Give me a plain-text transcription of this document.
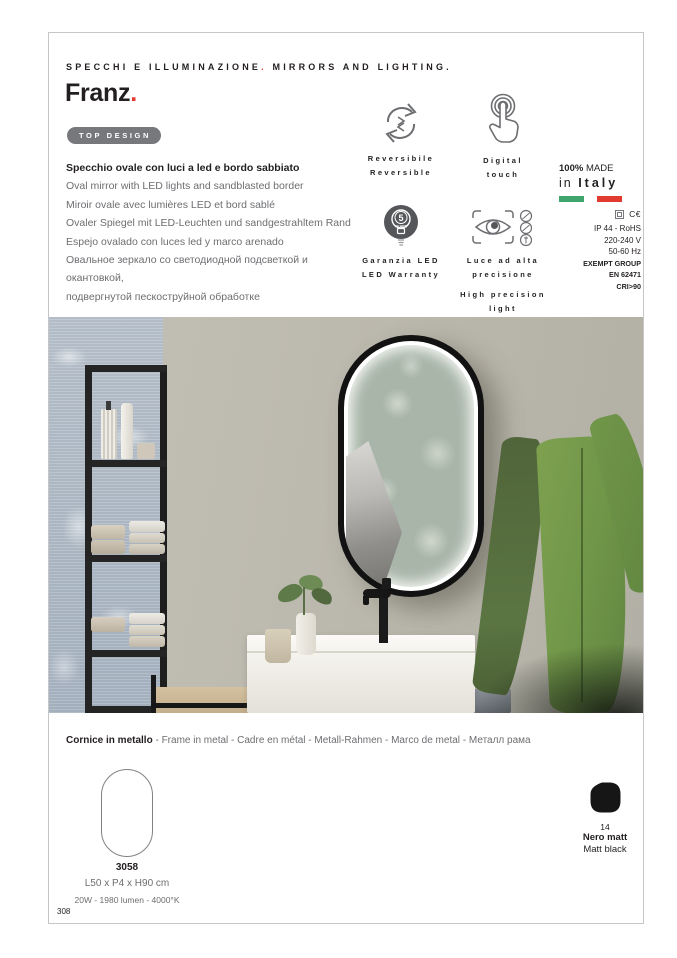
SPECCHI E ILLUMINAZIONE. MIRRORS AND LIGHTING.
Franz.
TOP DESIGN
Specchio ovale con luci a led e bordo sabbiato
Oval mirror with LED lights and sandblasted border
Miroir ovale avec lumières LED et bord sablé
Ovaler Spiegel mit LED-Leuchten und sandgestrahltem Rand
Espejo ovalado con luces led y marco arenado
Овальное зеркало со светодиодной подсветкой и окантовкой,
подвергнутой пескоструйной обработке
Reversibile
Reversible
Digital
touch
5
YEARS
Garanzia LED
LED Warranty
Luce ad alta
precisione
High precision
light
100% MADE
in Italy
C€
IP 44 - RoHS
220-240 V
50-60 Hz
EXEMPT GROUP
EN 62471
CRI>90
Cornice in metallo - Frame in metal - Cadre en métal - Metall-Rahmen - Marco de metal - Металл рама
3058
L50 x P4 x H90 cm
20W - 1980 lumen - 4000°K
14
Nero matt
Matt black
308
